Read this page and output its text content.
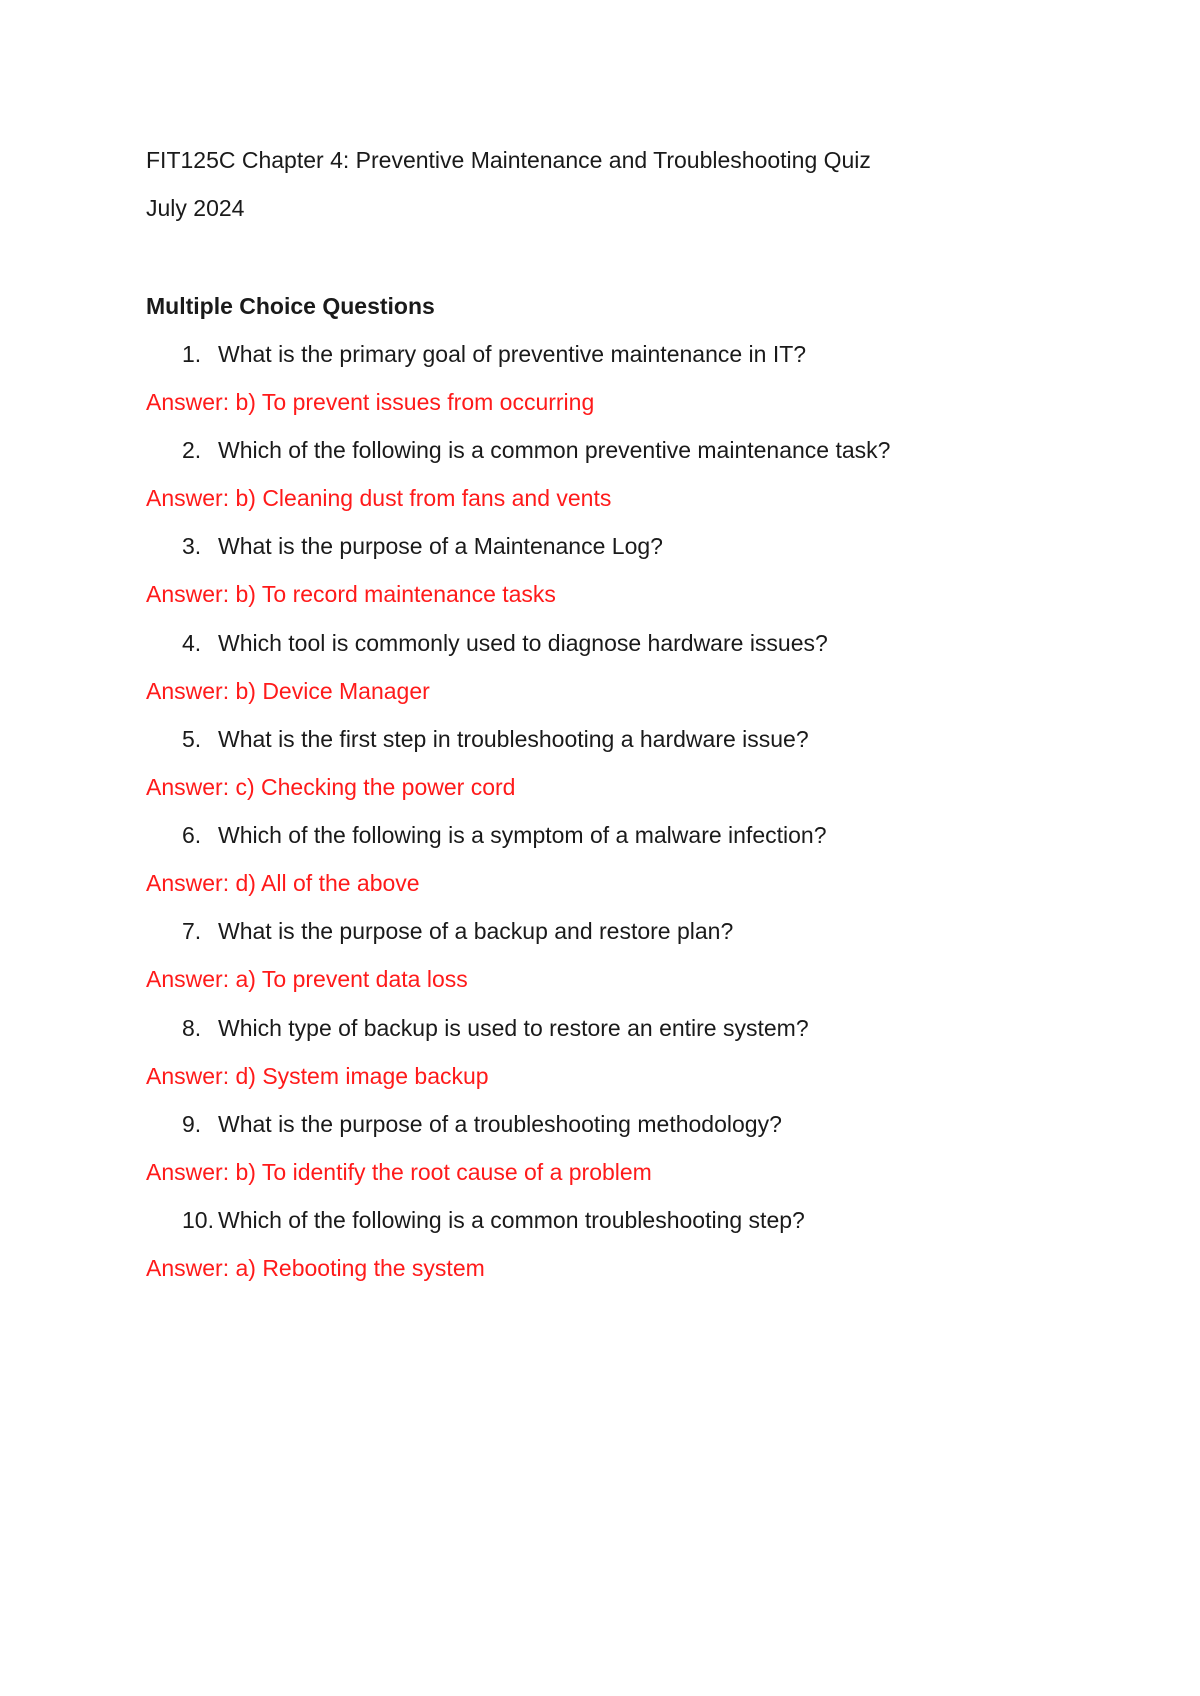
FIT125C Chapter 4: Preventive Maintenance and Troubleshooting Quiz
July 2024
Multiple Choice Questions
1. What is the primary goal of preventive maintenance in IT?
Answer: b) To prevent issues from occurring
2. Which of the following is a common preventive maintenance task?
Answer: b) Cleaning dust from fans and vents
3. What is the purpose of a Maintenance Log?
Answer: b) To record maintenance tasks
4. Which tool is commonly used to diagnose hardware issues?
Answer: b) Device Manager
5. What is the first step in troubleshooting a hardware issue?
Answer: c) Checking the power cord
6. Which of the following is a symptom of a malware infection?
Answer: d) All of the above
7. What is the purpose of a backup and restore plan?
Answer: a) To prevent data loss
8. Which type of backup is used to restore an entire system?
Answer: d) System image backup
9. What is the purpose of a troubleshooting methodology?
Answer: b) To identify the root cause of a problem
10. Which of the following is a common troubleshooting step?
Answer: a) Rebooting the system
